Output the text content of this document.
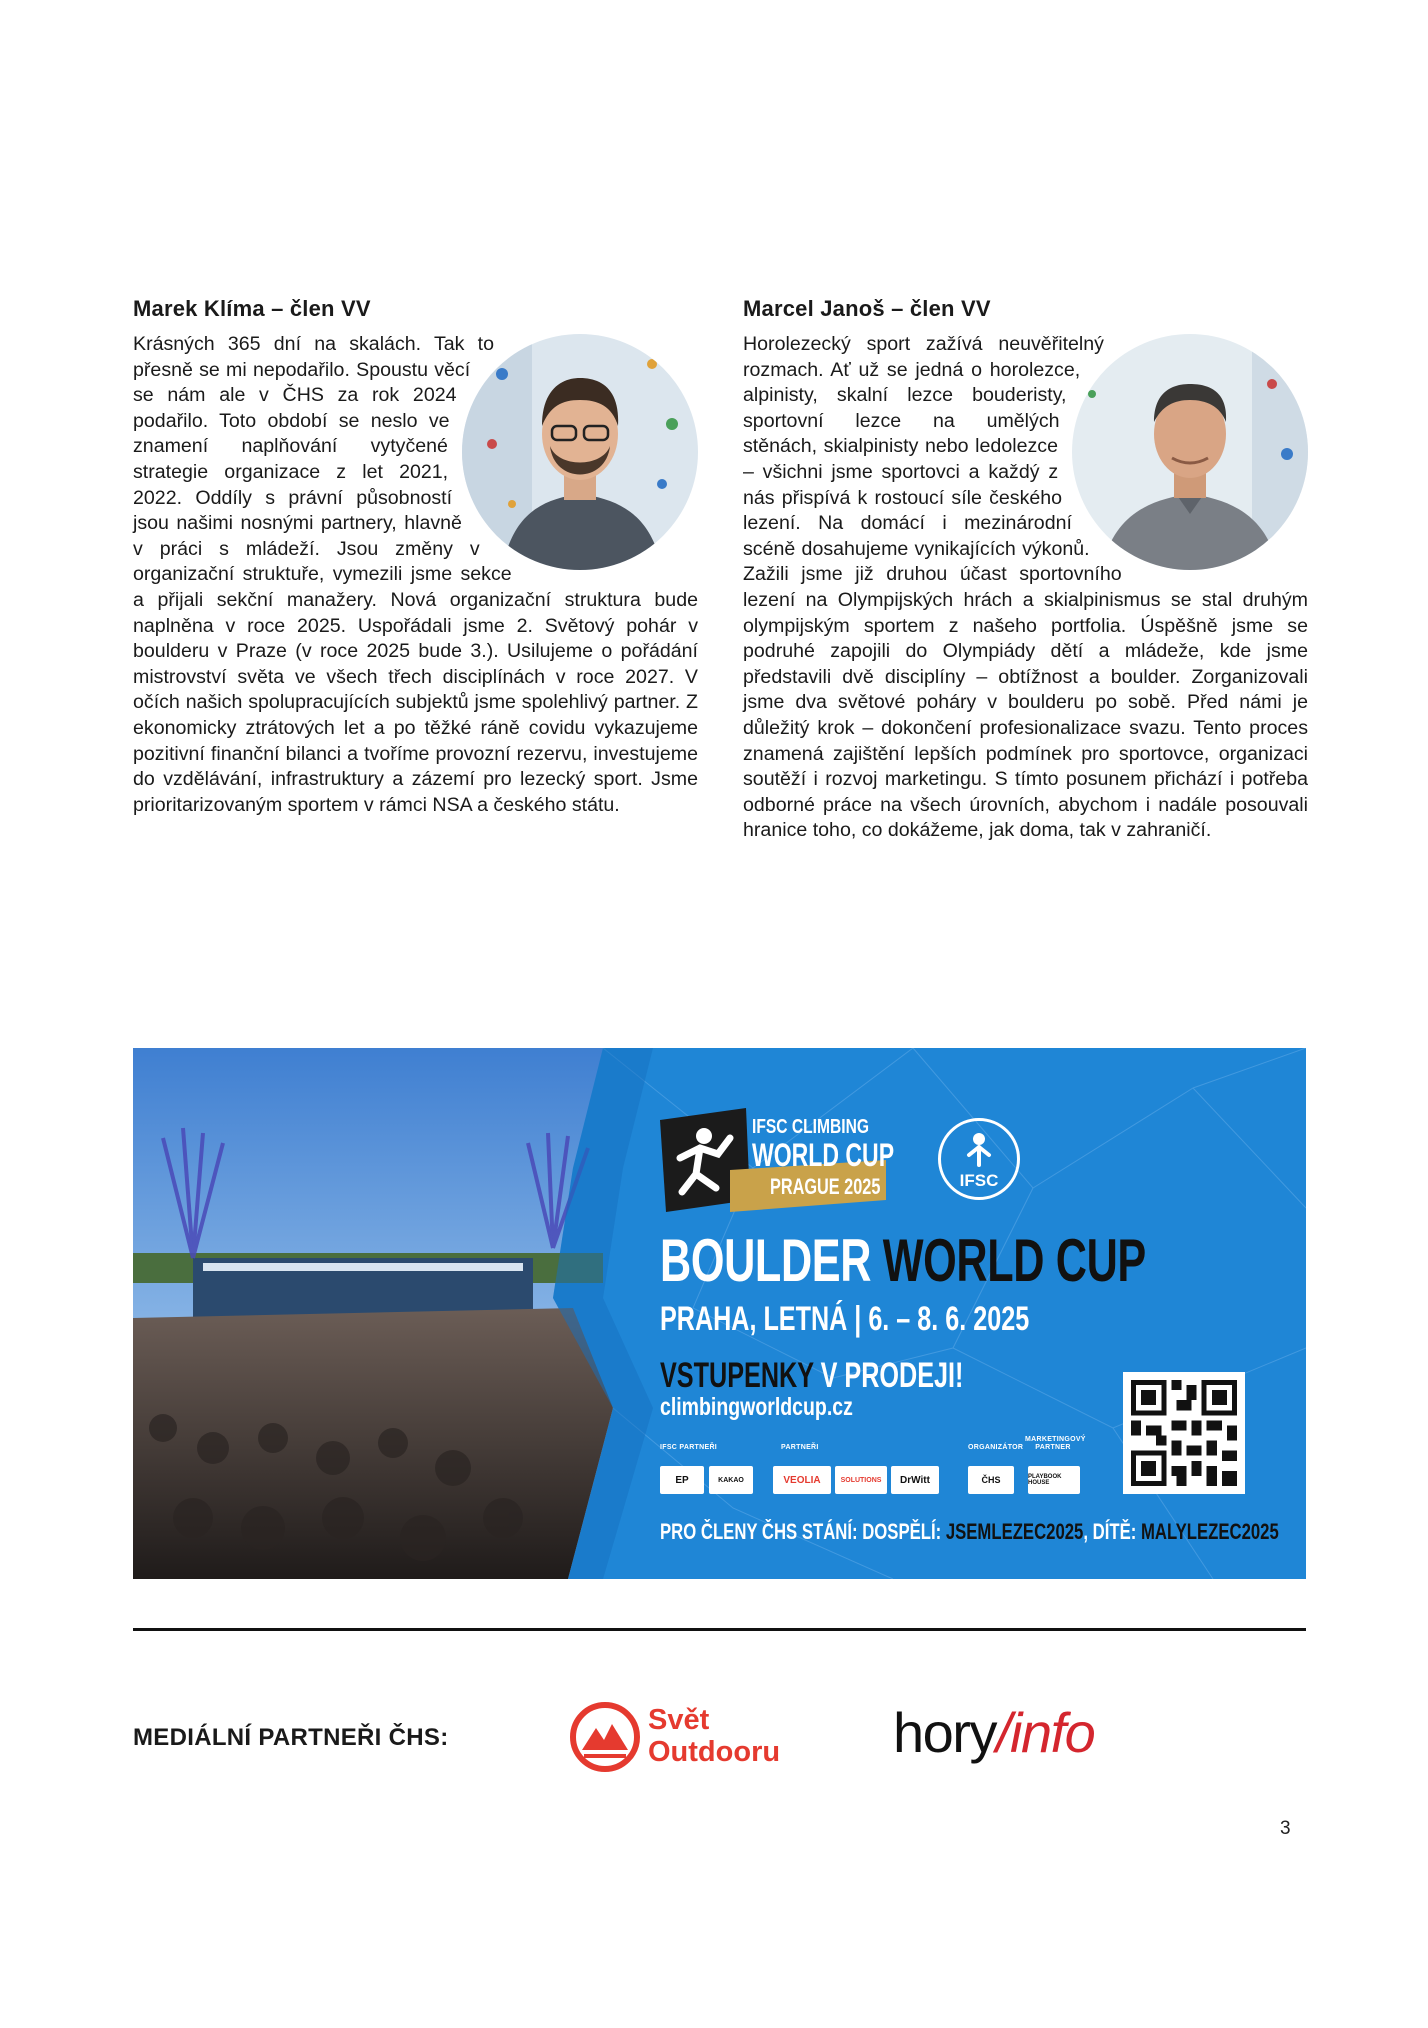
Marek Klíma – člen VV

Krásných 365 dní na skalách. Tak to přesně se mi nepodařilo. Spoustu věcí se nám ale v ČHS za rok 2024 podařilo. Toto období se neslo ve znamení naplňování vytyčené strategie organizace z let 2021, 2022. Oddíly s právní působností jsou našimi nosnými partnery, hlavně v práci s mládeží. Jsou změny v organizační struktuře, vymezili jsme sekce a přijali sekční manažery. Nová organizační struktura bude naplněna v roce 2025. Uspořádali jsme 2. Světový pohár v boulderu v Praze (v roce 2025 bude 3.). Usilujeme o pořádání mistrovství světa ve všech třech disciplínách v roce 2027. V očích našich spolupracujících subjektů jsme spolehlivý partner. Z ekonomicky ztrátových let a po těžké ráně covidu vykazujeme pozitivní finanční bilanci a tvoříme provozní rezervu, investujeme do vzdělávání, infrastruktury a zázemí pro lezecký sport. Jsme prioritarizovaným sportem v rámci NSA a českého státu.

Marcel Janoš – člen VV

Horolezecký sport zažívá neuvěřitelný rozmach. Ať už se jedná o horolezce, alpinisty, skalní lezce bouderisty, sportovní lezce na umělých stěnách, skialpinisty nebo ledolezce – všichni jsme sportovci a každý z nás přispívá k rostoucí síle českého lezení. Na domácí i mezinárodní scéně dosahujeme vynikajících výkonů. Zažili jsme již druhou účast sportovního lezení na Olympijských hrách a skialpinismus se stal druhým olympijským sportem z našeho portfolia. Úspěšně jsme se podruhé zapojili do Olympiády dětí a mládeže, kde jsme představili dvě disciplíny – obtížnost a boulder. Zorganizovali jsme dva světové poháry v boulderu po sobě. Před námi je důležitý krok – dokončení profesionalizace svazu. Tento proces znamená zajištění lepších podmínek pro sportovce, organizaci soutěží i rozvoj marketingu. S tímto posunem přichází i potřeba odborné práce na všech úrovních, abychom i nadále posouvali hranice toho, co dokážeme, jak doma, tak v zahraničí.

IFSC CLIMBING
WORLD CUP
PRAGUE 2025	IFSC
BOULDER WORLD CUP
PRAHA, LETNÁ | 6. – 8. 6. 2025
VSTUPENKY V PRODEJI!
climbingworldcup.cz
IFSC PARTNEŘI	PARTNEŘI	ORGANIZÁTOR
MARKETINGOVÝ PARTNER
EP	KAKAO	VEOLIA	SOLUTIONS	DrWitt	ČHS	PLAYBOOK HOUSE
PRO ČLENY ČHS STÁNÍ: DOSPĚLÍ: JSEMLEZEC2025, DÍTĚ: MALYLEZEC2025
MEDIÁLNÍ PARTNEŘI ČHS:
Svět
Outdooru hory/info
3
